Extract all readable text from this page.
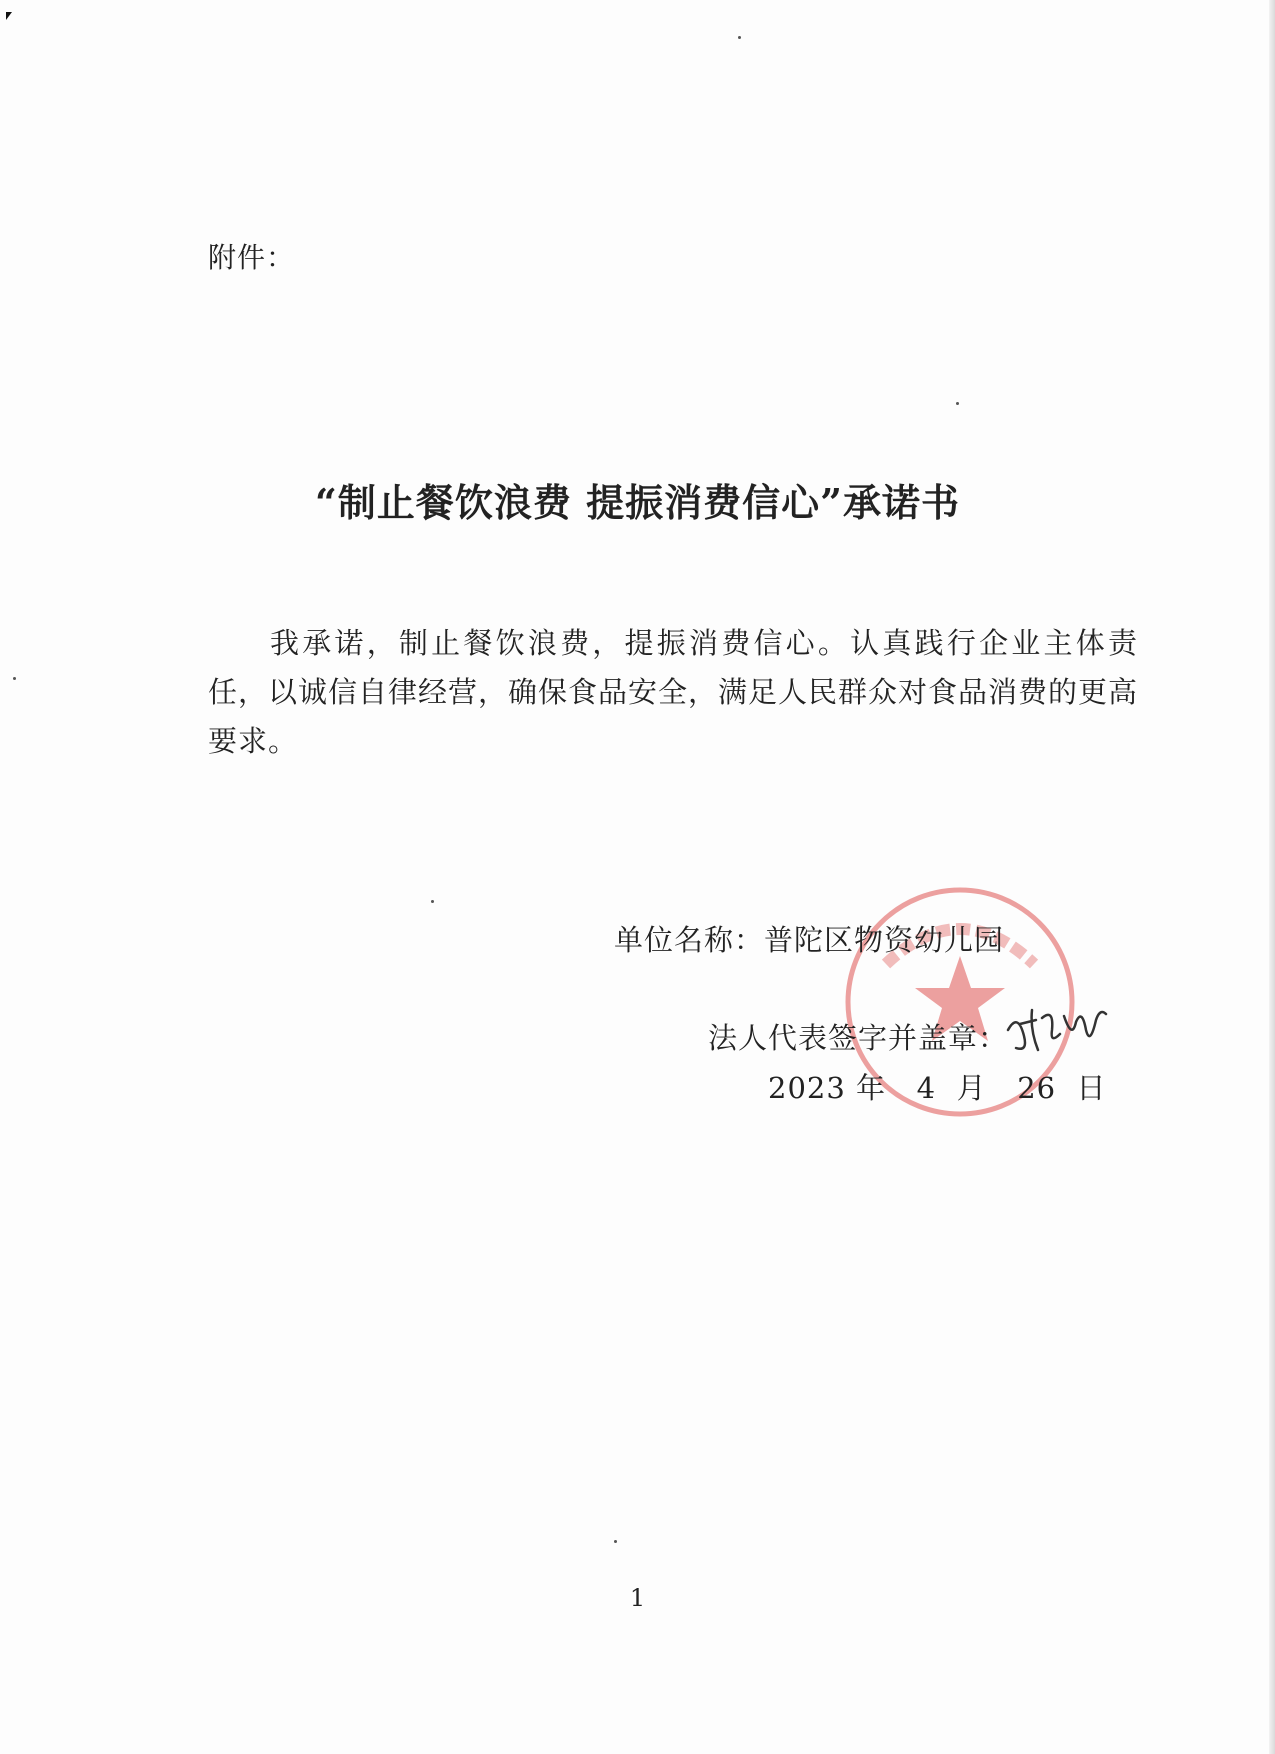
附件：
“制止餐饮浪费 提振消费信心”承诺书

我承诺，制止餐饮浪费，提振消费信心。认真践行企业主体责任，以诚信自律经营，确保食品安全，满足人民群众对食品消费的更高要求。

单位名称：普陀区物资幼儿园
法人代表签字并盖章：
2023 年   4  月   26  日
1
